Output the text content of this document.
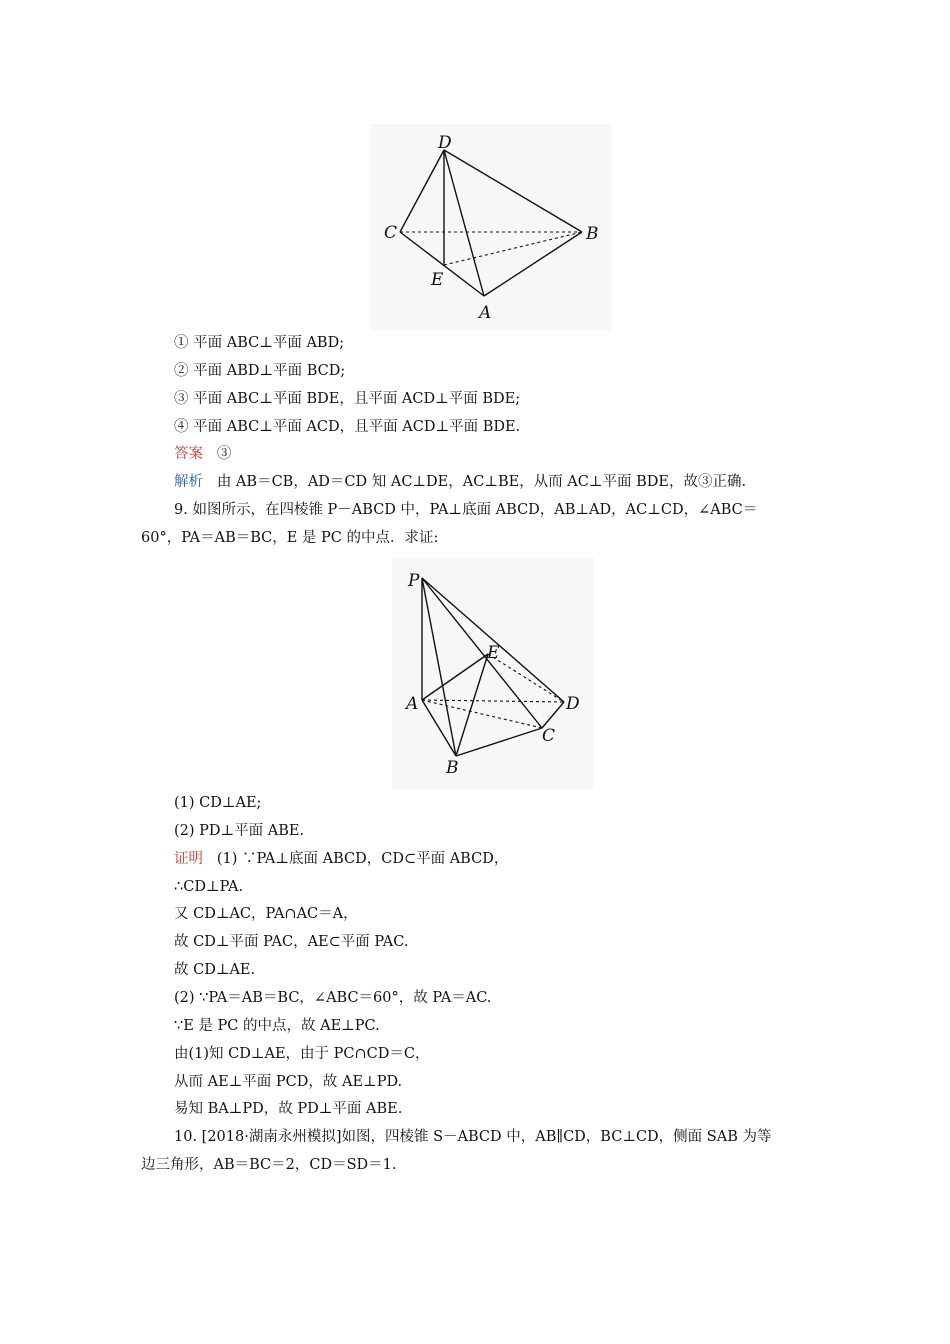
D
C	B
E
A
① 平面 ABC⊥平面 ABD;
② 平面 ABD⊥平面 BCD;
③ 平面 ABC⊥平面 BDE，且平面 ACD⊥平面 BDE;
④ 平面 ABC⊥平面 ACD，且平面 ACD⊥平面 BDE.
答案 ③
解析 由 AB＝CB，AD＝CD 知 AC⊥DE，AC⊥BE，从而 AC⊥平面 BDE，故③正确.
9. 如图所示，在四棱锥 P－ABCD 中，PA⊥底面 ABCD，AB⊥AD，AC⊥CD，∠ABC＝
60°，PA＝AB＝BC，E 是 PC 的中点．求证:
P
E
A	D
C
B
(1) CD⊥AE;
(2) PD⊥平面 ABE.
证明 (1) ∵PA⊥底面 ABCD，CD⊂平面 ABCD，
∴CD⊥PA.
又 CD⊥AC，PA∩AC＝A，
故 CD⊥平面 PAC，AE⊂平面 PAC.
故 CD⊥AE.
(2) ∵PA＝AB＝BC，∠ABC＝60°，故 PA＝AC.
∵E 是 PC 的中点，故 AE⊥PC.
由(1)知 CD⊥AE，由于 PC∩CD＝C，
从而 AE⊥平面 PCD，故 AE⊥PD.
易知 BA⊥PD，故 PD⊥平面 ABE.
10. [2018·湖南永州模拟]如图，四棱锥 S－ABCD 中，AB∥CD，BC⊥CD，侧面 SAB 为等
边三角形，AB＝BC＝2，CD＝SD＝1.
